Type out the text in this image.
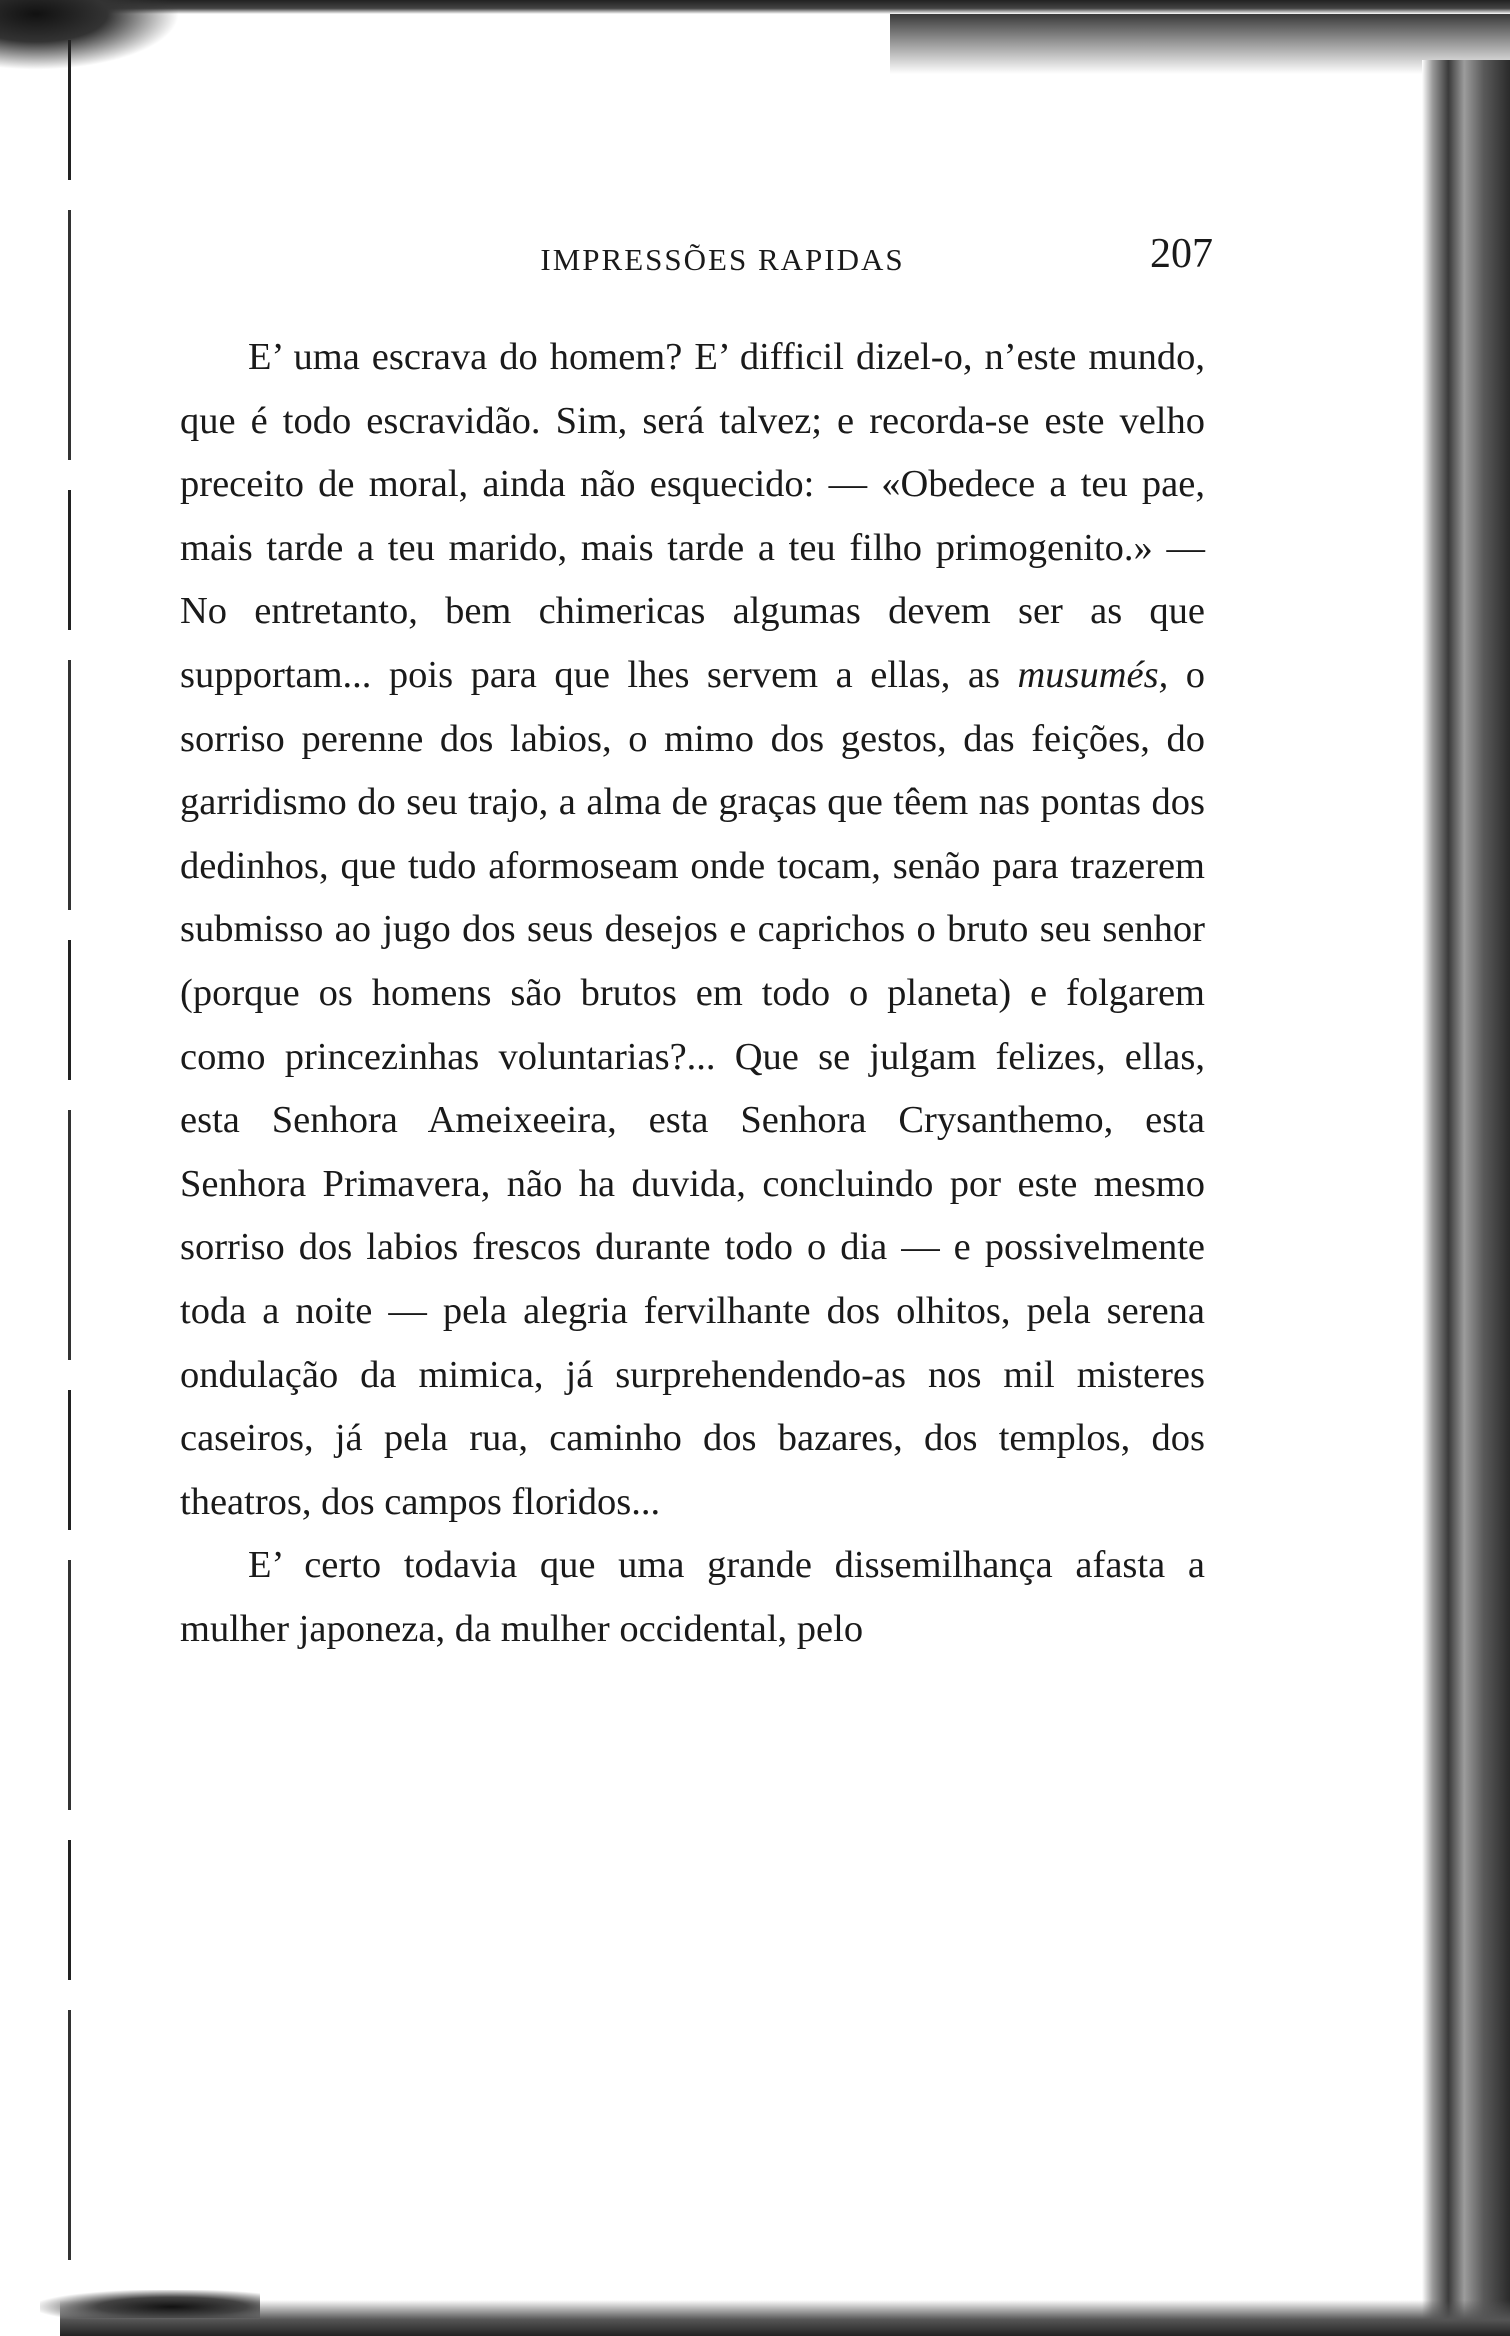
IMPRESSÕES RAPIDAS	207

E’ uma escrava do homem? E’ difficil dizel-o, n’este mundo, que é todo escravidão. Sim, será talvez; e recorda-se este velho preceito de moral, ainda não esquecido: — «Obedece a teu pae, mais tarde a teu marido, mais tarde a teu filho primogenito.» —No entretanto, bem chimericas algumas devem ser as que supportam... pois para que lhes servem a ellas, as musumés, o sorriso perenne dos labios, o mimo dos gestos, das feições, do garridismo do seu trajo, a alma de graças que têem nas pontas dos dedinhos, que tudo aformoseam onde tocam, senão para trazerem submisso ao jugo dos seus desejos e caprichos o bruto seu senhor (porque os homens são brutos em todo o planeta) e folgarem como princezinhas voluntarias?... Que se julgam felizes, ellas, esta Senhora Ameixeeira, esta Senhora Crysanthemo, esta Senhora Primavera, não ha duvida, concluindo por este mesmo sorriso dos labios frescos durante todo o dia — e possivelmente toda a noite — pela alegria fervilhante dos olhitos, pela serena ondulação da mimica, já surprehendendo-as nos mil misteres caseiros, já pela rua, caminho dos bazares, dos templos, dos theatros, dos campos floridos...

E’ certo todavia que uma grande dissemilhança afasta a mulher japoneza, da mulher occidental, pelo
